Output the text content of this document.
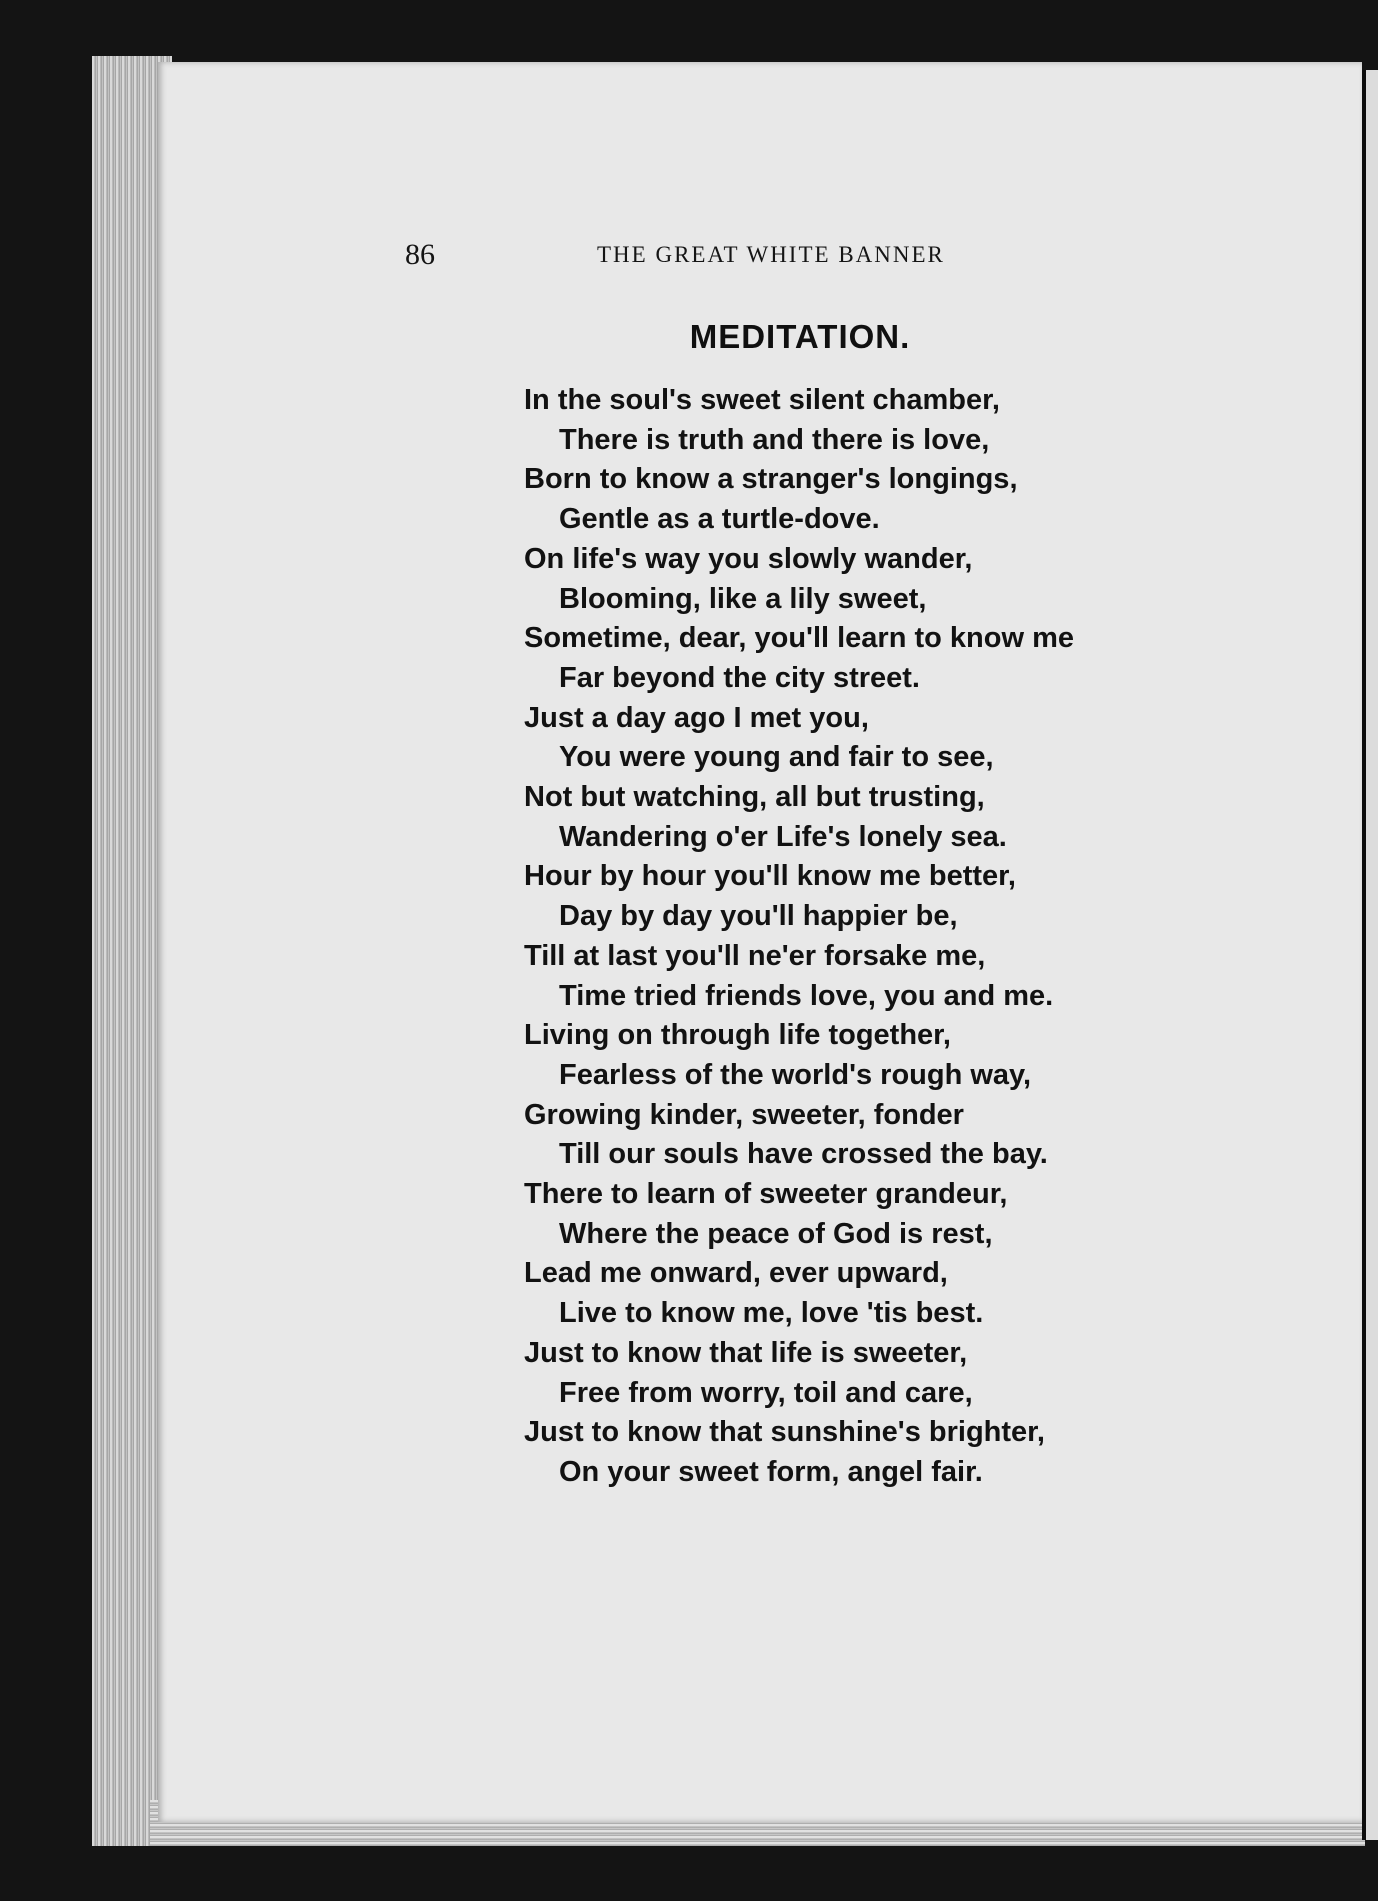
86	THE GREAT WHITE BANNER
MEDITATION.
In the soul's sweet silent chamber,
There is truth and there is love,
Born to know a stranger's longings,
Gentle as a turtle-dove.
On life's way you slowly wander,
Blooming, like a lily sweet,
Sometime, dear, you'll learn to know me
Far beyond the city street.
Just a day ago I met you,
You were young and fair to see,
Not but watching, all but trusting,
Wandering o'er Life's lonely sea.
Hour by hour you'll know me better,
Day by day you'll happier be,
Till at last you'll ne'er forsake me,
Time tried friends love, you and me.
Living on through life together,
Fearless of the world's rough way,
Growing kinder, sweeter, fonder
Till our souls have crossed the bay.
There to learn of sweeter grandeur,
Where the peace of God is rest,
Lead me onward, ever upward,
Live to know me, love 'tis best.
Just to know that life is sweeter,
Free from worry, toil and care,
Just to know that sunshine's brighter,
On your sweet form, angel fair.
